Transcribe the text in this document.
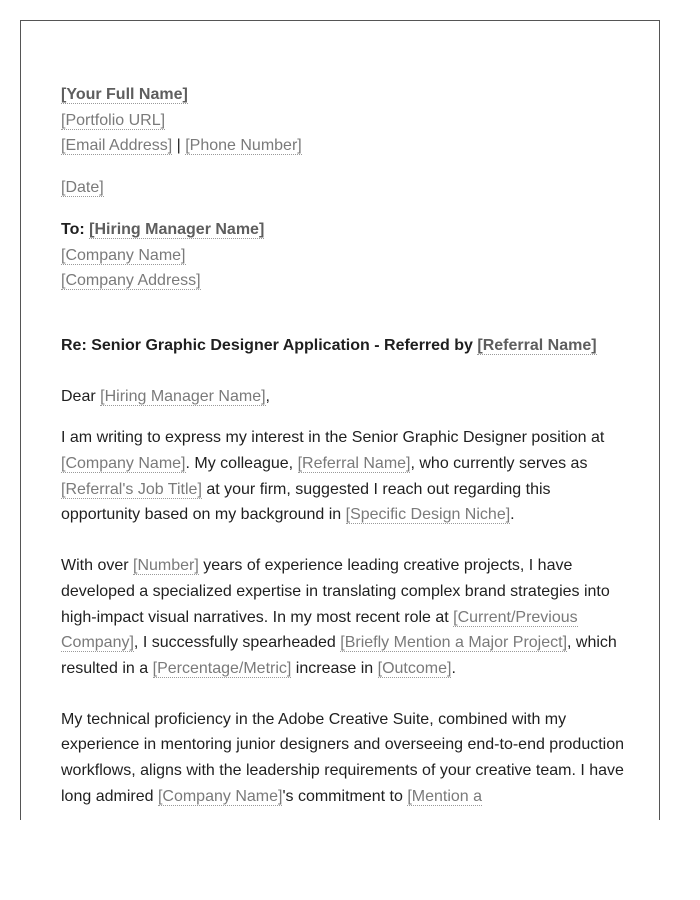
[Your Full Name]
[Portfolio URL]
[Email Address] | [Phone Number]
[Date]
To: [Hiring Manager Name]
[Company Name]
[Company Address]
Re: Senior Graphic Designer Application - Referred by [Referral Name]
Dear [Hiring Manager Name],

I am writing to express my interest in the Senior Graphic Designer position at [Company Name]. My colleague, [Referral Name], who currently serves as [Referral's Job Title] at your firm, suggested I reach out regarding this opportunity based on my background in [Specific Design Niche].

With over [Number] years of experience leading creative projects, I have developed a specialized expertise in translating complex brand strategies into high-impact visual narratives. In my most recent role at [Current/Previous Company], I successfully spearheaded [Briefly Mention a Major Project], which resulted in a [Percentage/Metric] increase in [Outcome].

My technical proficiency in the Adobe Creative Suite, combined with my experience in mentoring junior designers and overseeing end-to-end production workflows, aligns with the leadership requirements of your creative team. I have long admired [Company Name]'s commitment to [Mention a
